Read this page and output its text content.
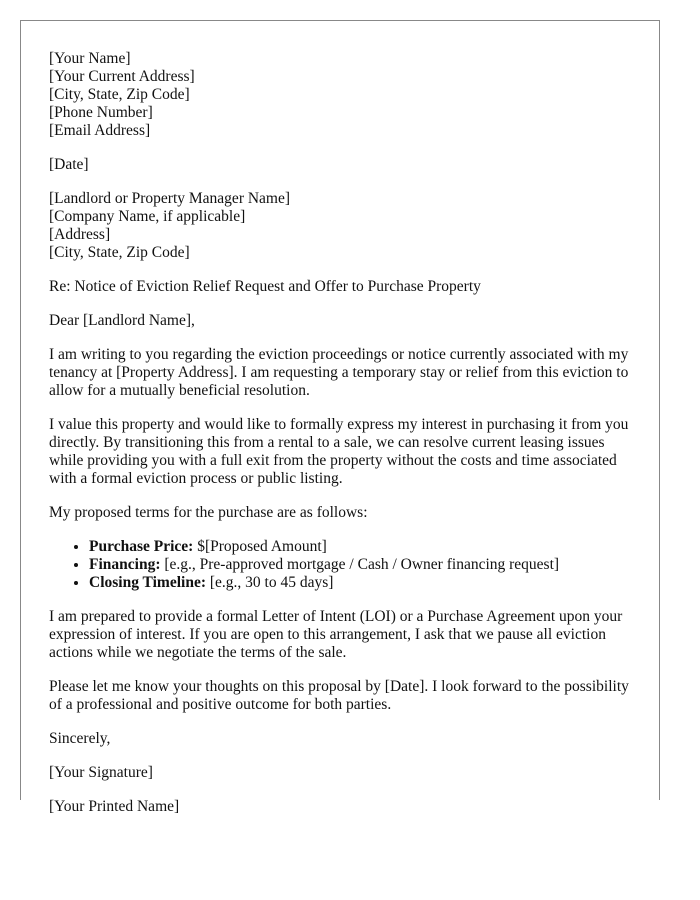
[Your Name]
[Your Current Address]
[City, State, Zip Code]
[Phone Number]
[Email Address]
[Date]
[Landlord or Property Manager Name]
[Company Name, if applicable]
[Address]
[City, State, Zip Code]

Re: Notice of Eviction Relief Request and Offer to Purchase Property

Dear [Landlord Name],

I am writing to you regarding the eviction proceedings or notice currently associated with my tenancy at [Property Address]. I am requesting a temporary stay or relief from this eviction to allow for a mutually beneficial resolution.

I value this property and would like to formally express my interest in purchasing it from you directly. By transitioning this from a rental to a sale, we can resolve current leasing issues while providing you with a full exit from the property without the costs and time associated with a formal eviction process or public listing.

My proposed terms for the purchase are as follows:

• Purchase Price: $[Proposed Amount]
• Financing: [e.g., Pre-approved mortgage / Cash / Owner financing request]
• Closing Timeline: [e.g., 30 to 45 days]

I am prepared to provide a formal Letter of Intent (LOI) or a Purchase Agreement upon your expression of interest. If you are open to this arrangement, I ask that we pause all eviction actions while we negotiate the terms of the sale.

Please let me know your thoughts on this proposal by [Date]. I look forward to the possibility of a professional and positive outcome for both parties.

Sincerely,

[Your Signature]

[Your Printed Name]
